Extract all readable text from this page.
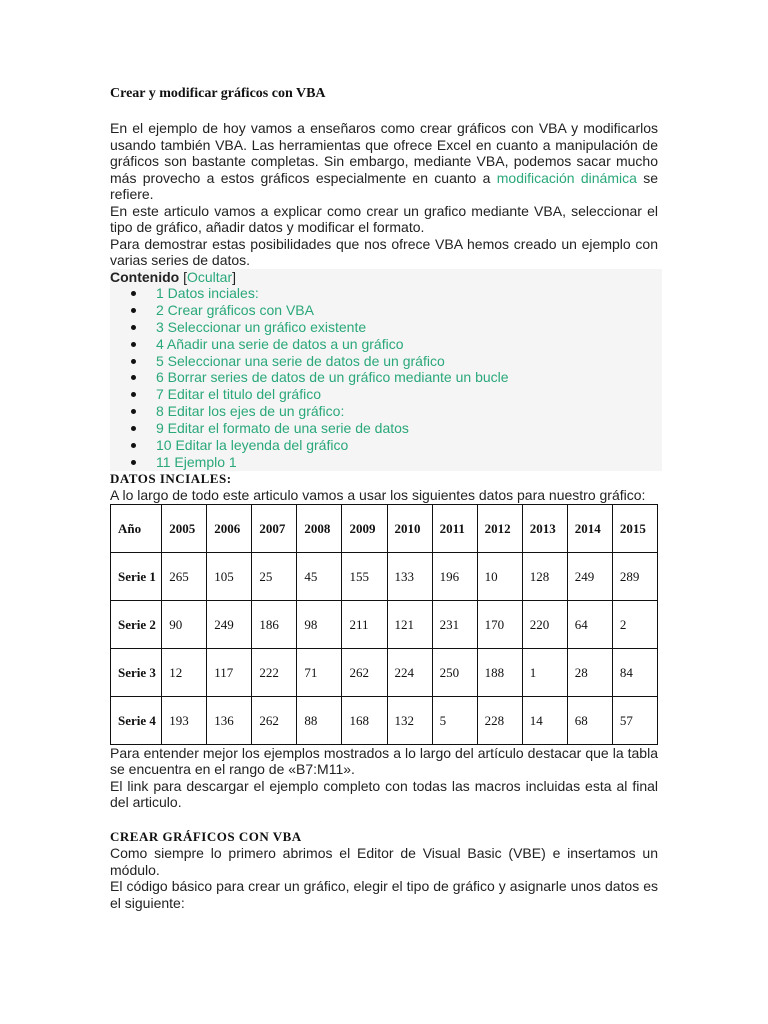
Crear y modificar gráficos con VBA

En el ejemplo de hoy vamos a enseñaros como crear gráficos con VBA y modificarlos usando también VBA. Las herramientas que ofrece Excel en cuanto a manipulación de gráficos son bastante completas. Sin embargo, mediante VBA, podemos sacar mucho más provecho a estos gráficos especialmente en cuanto a modificación dinámica se refiere.

En este articulo vamos a explicar como crear un grafico mediante VBA, seleccionar el tipo de gráfico, añadir datos y modificar el formato.

Para demostrar estas posibilidades que nos ofrece VBA hemos creado un ejemplo con varias series de datos.

Contenido [Ocultar]
1 Datos inciales:
2 Crear gráficos con VBA
3 Seleccionar un gráfico existente
4 Añadir una serie de datos a un gráfico
5 Seleccionar una serie de datos de un gráfico
6 Borrar series de datos de un gráfico mediante un bucle
7 Editar el titulo del gráfico
8 Editar los ejes de un gráfico:
9 Editar el formato de una serie de datos
10 Editar la leyenda del gráfico
11 Ejemplo 1
DATOS INCIALES:

A lo largo de todo este articulo vamos a usar los siguientes datos para nuestro gráfico:

Año	2005	2006	2007	2008	2009	2010	2011	2012	2013	2014	2015
Serie 1	265	105	25	45	155	133	196	10	128	249	289
Serie 2	90	249	186	98	211	121	231	170	220	64	2
Serie 3	12	117	222	71	262	224	250	188	1	28	84
Serie 4	193	136	262	88	168	132	5	228	14	68	57

Para entender mejor los ejemplos mostrados a lo largo del artículo destacar que la tabla se encuentra en el rango de «B7:M11».

El link para descargar el ejemplo completo con todas las macros incluidas esta al final del articulo.

CREAR GRÁFICOS CON VBA

Como siempre lo primero abrimos el Editor de Visual Basic (VBE) e insertamos un módulo.

El código básico para crear un gráfico, elegir el tipo de gráfico y asignarle unos datos es el siguiente:
